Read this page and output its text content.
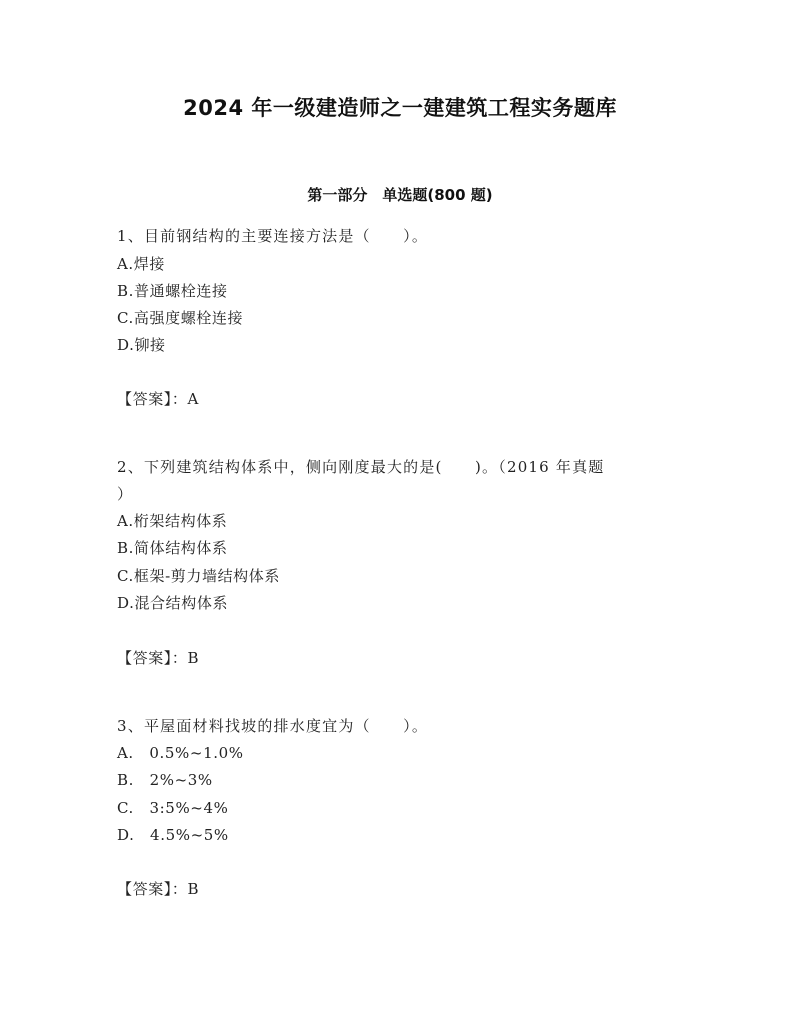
2024 年一级建造师之一建建筑工程实务题库
第一部分　单选题(800 题)
1、目前钢结构的主要连接方法是（　　）。
A.焊接
B.普通螺栓连接
C.高强度螺栓连接
D.铆接
【答案】：A
2、下列建筑结构体系中，侧向刚度最大的是(　　)。（2016 年真题
）
A.桁架结构体系
B.简体结构体系
C.框架-剪力墙结构体系
D.混合结构体系
【答案】：B
3、平屋面材料找坡的排水度宜为（　　）。
A.　0.5%~1.0%
B.　2%~3%
C.　3:5%~4%
D.　4.5%~5%
【答案】：B
